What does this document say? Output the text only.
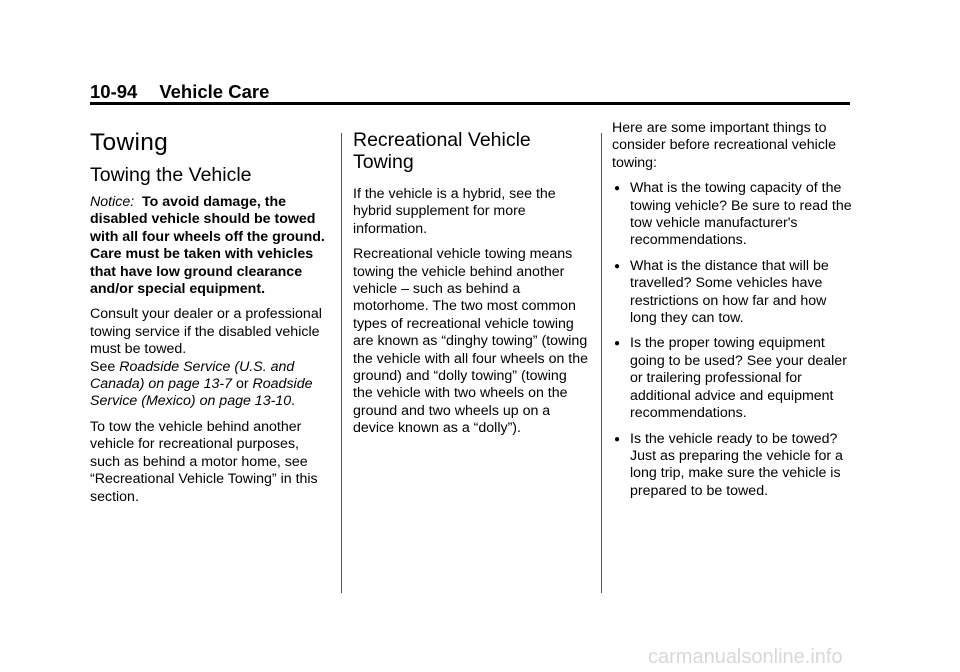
10-94 Vehicle Care
Towing
Towing the Vehicle

Notice: To avoid damage, the disabled vehicle should be towed with all four wheels off the ground. Care must be taken with vehicles that have low ground clearance and/or special equipment.

Consult your dealer or a professional towing service if the disabled vehicle must be towed.
See Roadside Service (U.S. and Canada) on page 13-7 or Roadside Service (Mexico) on page 13-10.

To tow the vehicle behind another vehicle for recreational purposes, such as behind a motor home, see “Recreational Vehicle Towing” in this section.

Recreational Vehicle Towing

If the vehicle is a hybrid, see the hybrid supplement for more information.

Recreational vehicle towing means towing the vehicle behind another vehicle – such as behind a motorhome. The two most common types of recreational vehicle towing are known as “dinghy towing” (towing the vehicle with all four wheels on the ground) and “dolly towing” (towing the vehicle with two wheels on the ground and two wheels up on a device known as a “dolly”).

Here are some important things to consider before recreational vehicle towing:

● What is the towing capacity of the towing vehicle? Be sure to read the tow vehicle manufacturer's recommendations.
● What is the distance that will be travelled? Some vehicles have restrictions on how far and how long they can tow.
● Is the proper towing equipment going to be used? See your dealer or trailering professional for additional advice and equipment recommendations.
● Is the vehicle ready to be towed? Just as preparing the vehicle for a long trip, make sure the vehicle is prepared to be towed.
carmanualsonline.info
